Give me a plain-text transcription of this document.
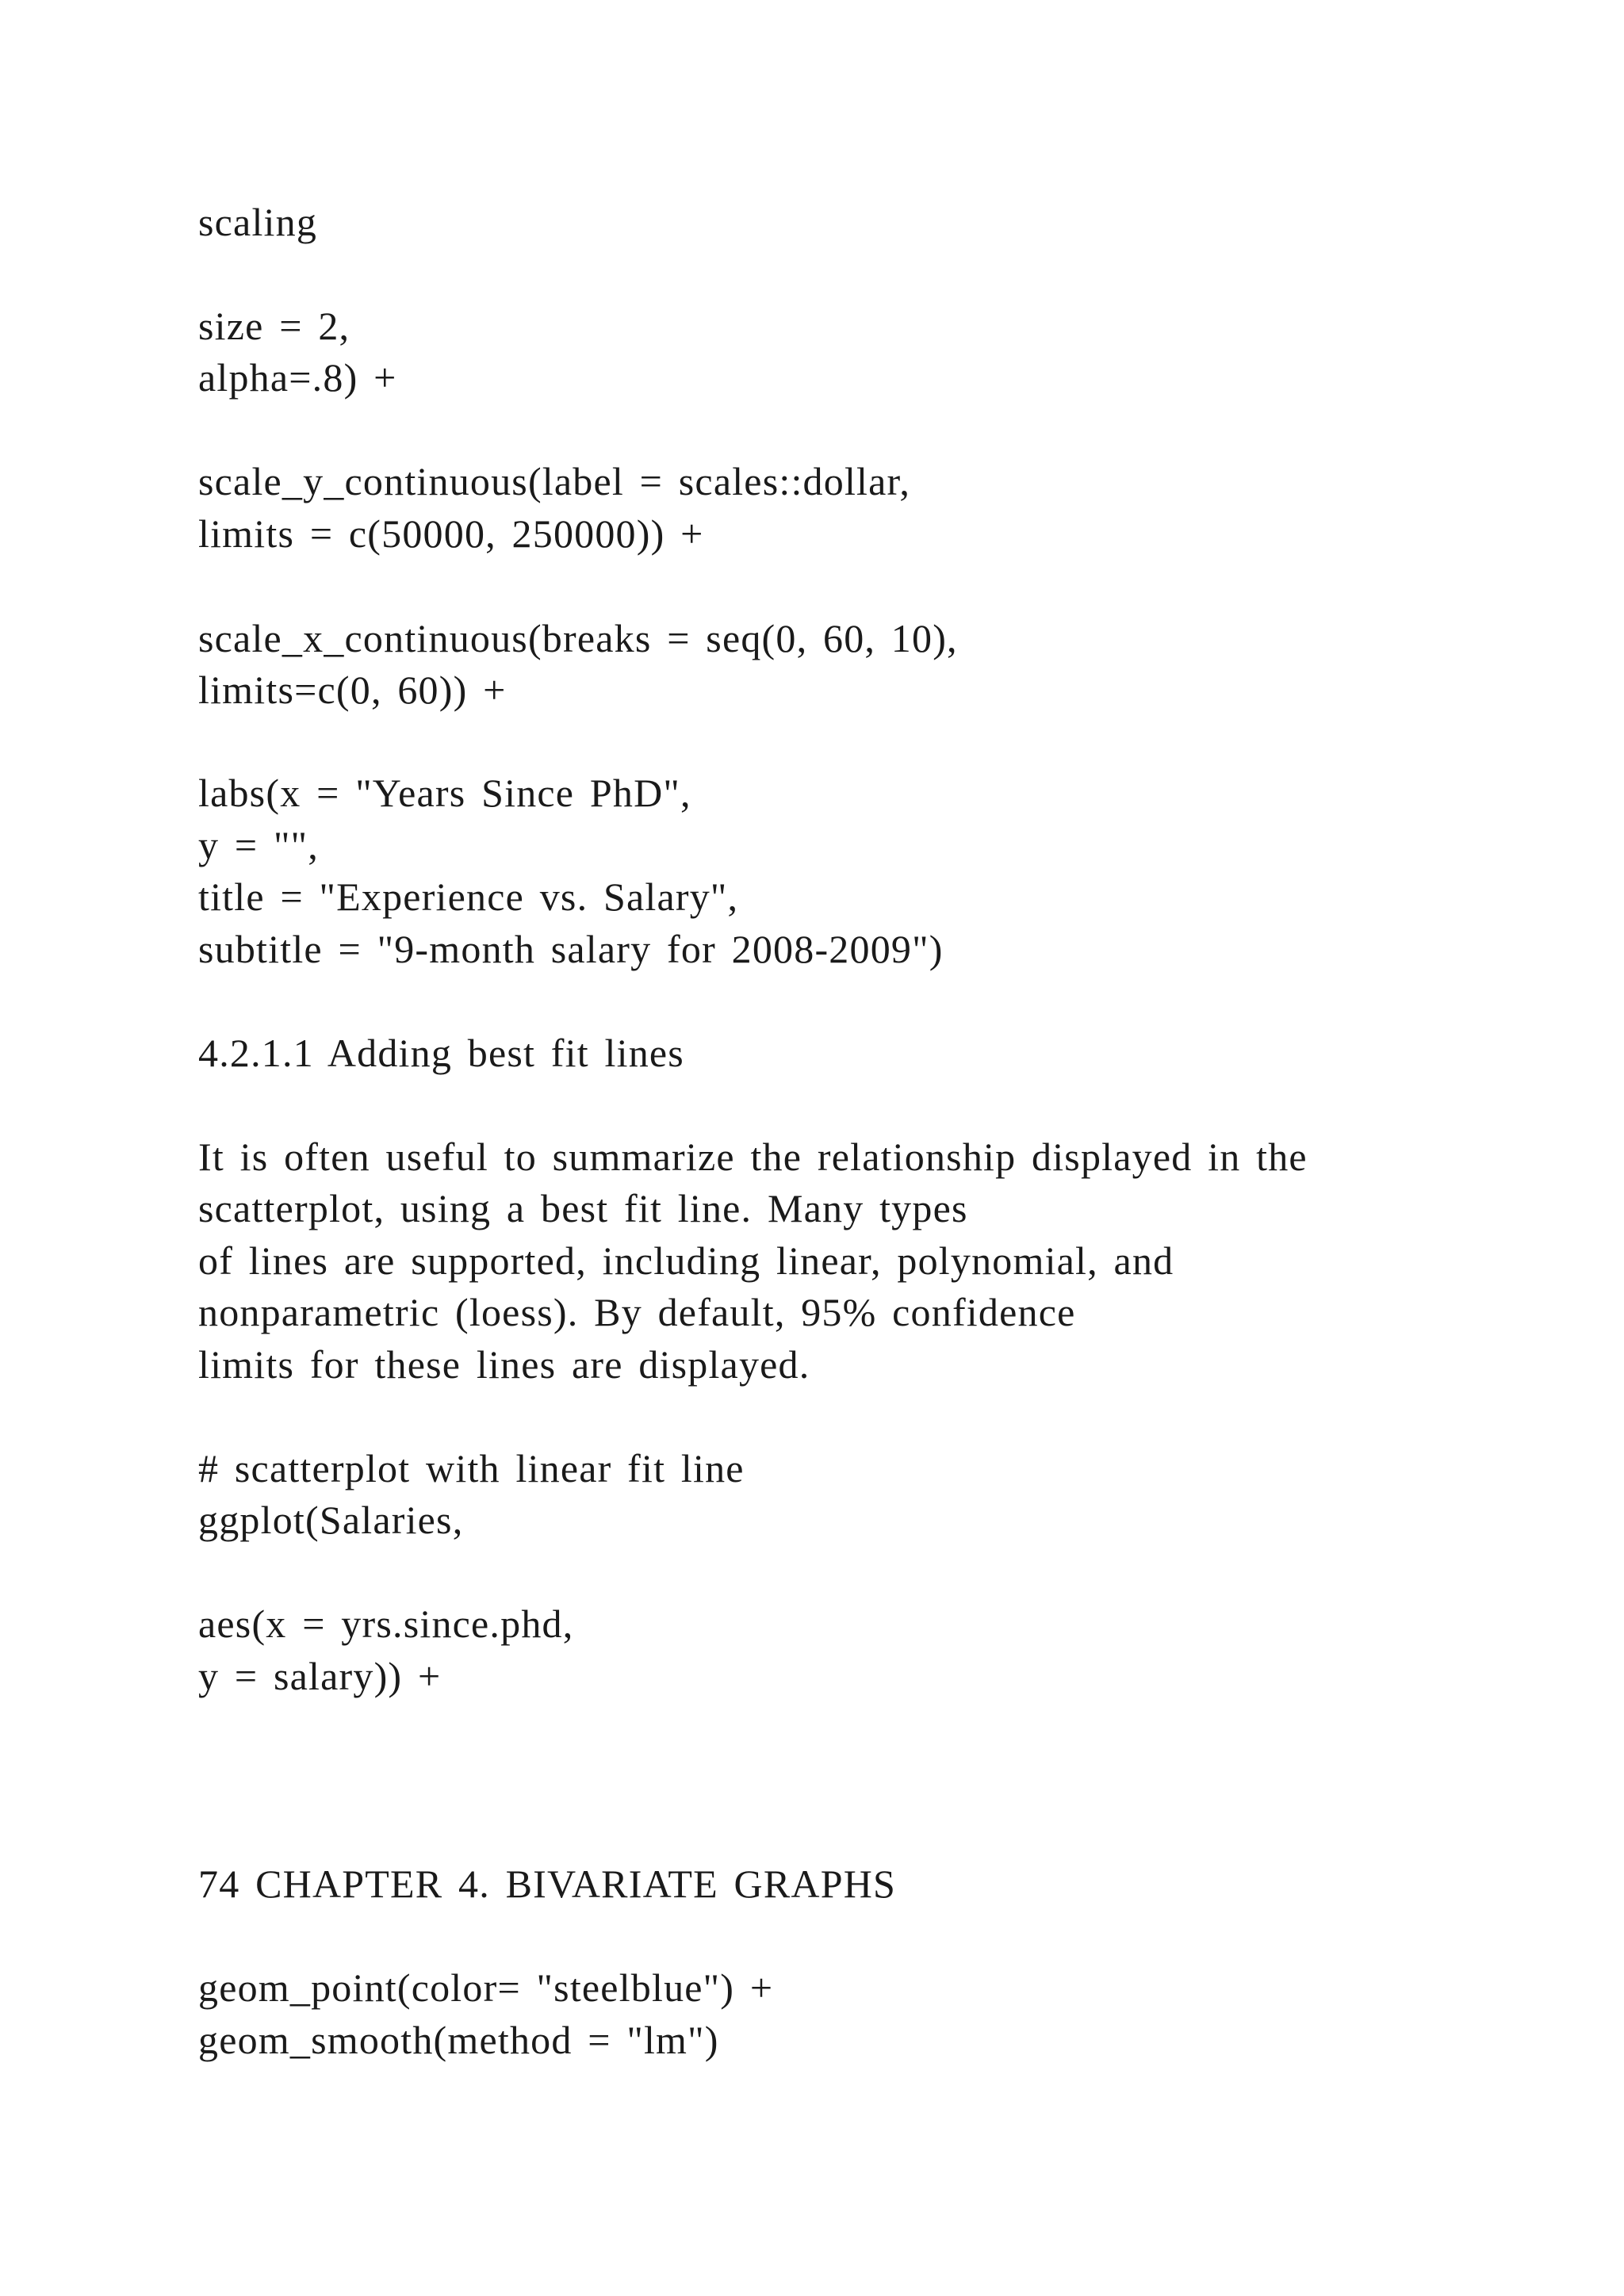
scaling

size = 2,

alpha=.8) +

scale_y_continuous(label = scales::dollar,

limits = c(50000, 250000)) +

scale_x_continuous(breaks = seq(0, 60, 10),

limits=c(0, 60)) +

labs(x = "Years Since PhD",

y = "",

title = "Experience vs. Salary",

subtitle = "9-month salary for 2008-2009")

4.2.1.1 Adding best fit lines

It is often useful to summarize the relationship displayed in the

scatterplot, using a best fit line. Many types

of lines are supported, including linear, polynomial, and

nonparametric (loess). By default, 95% confidence

limits for these lines are displayed.

# scatterplot with linear fit line

ggplot(Salaries,

aes(x = yrs.since.phd,

y = salary)) +

74 CHAPTER 4. BIVARIATE GRAPHS

geom_point(color= "steelblue") +

geom_smooth(method = "lm")
